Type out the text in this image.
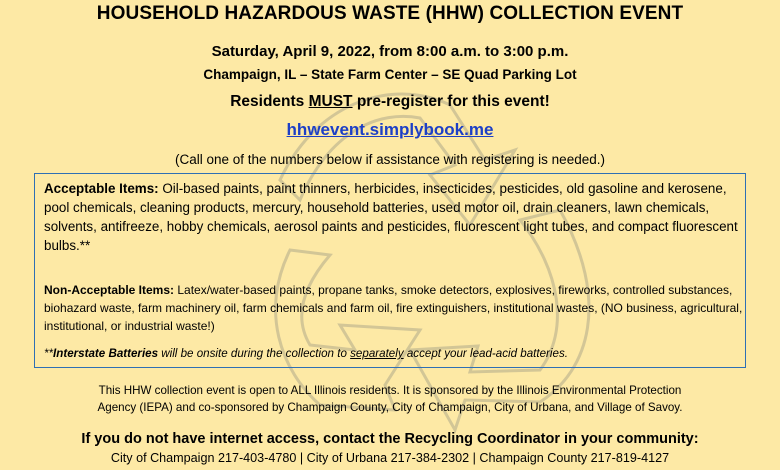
HOUSEHOLD HAZARDOUS WASTE (HHW) COLLECTION EVENT
Saturday, April 9, 2022, from 8:00 a.m. to 3:00 p.m.
Champaign, IL – State Farm Center – SE Quad Parking Lot
Residents MUST pre-register for this event!
hhwevent.simplybook.me
(Call one of the numbers below if assistance with registering is needed.)
Acceptable Items: Oil-based paints, paint thinners, herbicides, insecticides, pesticides, old gasoline and kerosene, pool chemicals, cleaning products, mercury, household batteries, used motor oil, drain cleaners, lawn chemicals, solvents, antifreeze, hobby chemicals, aerosol paints and pesticides, fluorescent light tubes, and compact fluorescent bulbs.**
Non-Acceptable Items: Latex/water-based paints, propane tanks, smoke detectors, explosives, fireworks, controlled substances, biohazard waste, farm machinery oil, farm chemicals and farm oil, fire extinguishers, institutional wastes, (NO business, agricultural, institutional, or industrial waste!)
**Interstate Batteries will be onsite during the collection to separately accept your lead-acid batteries.
This HHW collection event is open to ALL Illinois residents. It is sponsored by the Illinois Environmental Protection
Agency (IEPA) and co-sponsored by Champaign County, City of Champaign, City of Urbana, and Village of Savoy.
If you do not have internet access, contact the Recycling Coordinator in your community:
City of Champaign 217-403-4780 | City of Urbana 217-384-2302 | Champaign County 217-819-4127
